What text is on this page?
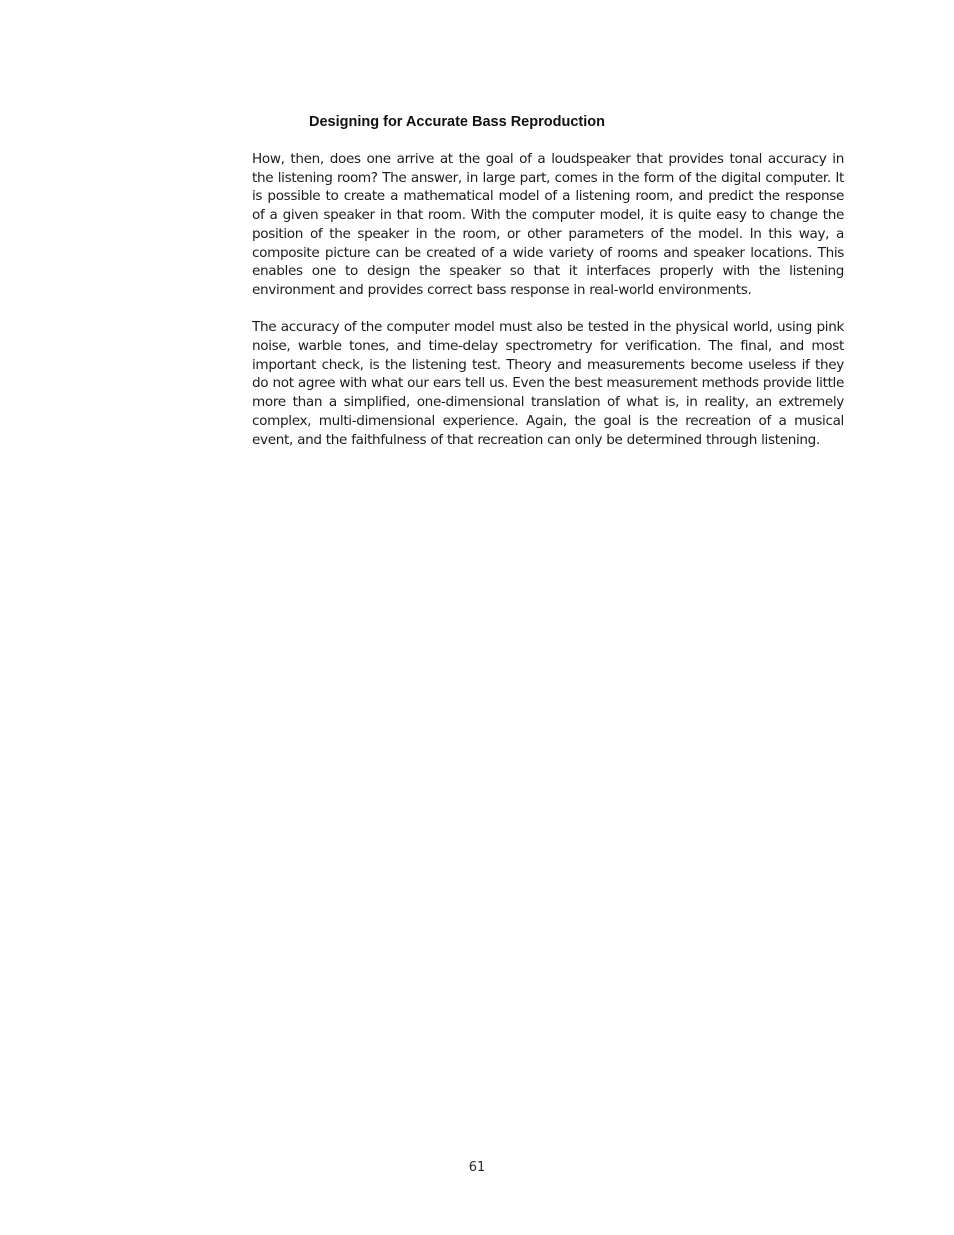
Designing for Accurate Bass Reproduction

How, then, does one arrive at the goal of a loudspeaker that provides tonal accuracy in the listening room? The answer, in large part, comes in the form of the digital computer. It is possible to create a mathematical model of a listening room, and predict the response of a given speaker in that room. With the computer model, it is quite easy to change the position of the speaker in the room, or other parameters of the model. In this way, a composite picture can be created of a wide variety of rooms and speaker locations. This enables one to design the speaker so that it interfaces properly with the listening environment and provides correct bass response in real-world environments.

The accuracy of the computer model must also be tested in the physical world, using pink noise, warble tones, and time-delay spectrometry for verification. The final, and most important check, is the listening test. Theory and measurements become useless if they do not agree with what our ears tell us. Even the best measurement methods provide little more than a simplified, one-dimensional translation of what is, in reality, an extremely complex, multi-dimensional experience. Again, the goal is the recreation of a musical event, and the faithfulness of that recreation can only be determined through listening.

61
